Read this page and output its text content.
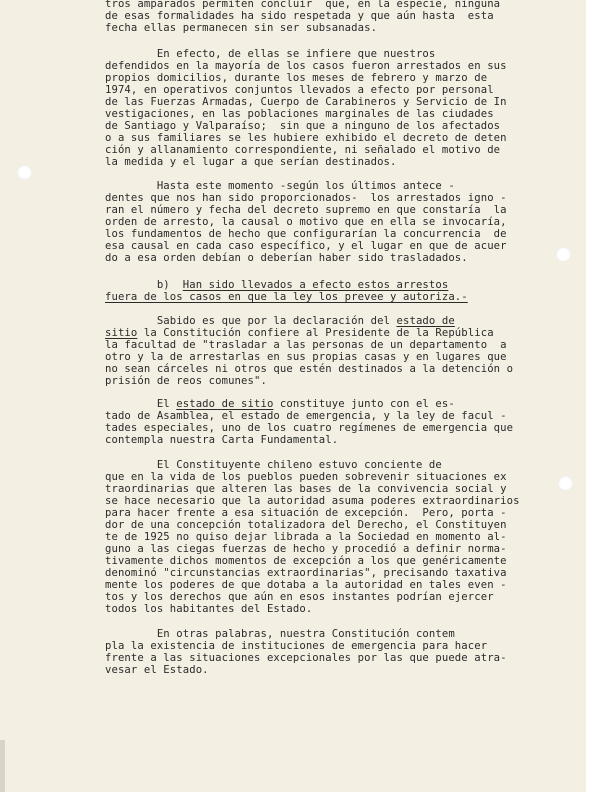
tros amparados permiten concluir  que, en la especie, ninguna
de esas formalidades ha sido respetada y que aún hasta  esta
fecha ellas permanecen sin ser subsanadas.
En efecto, de ellas se infiere que nuestros
defendidos en la mayoría de los casos fueron arrestados en sus
propios domicilios, durante los meses de febrero y marzo de
1974, en operativos conjuntos llevados a efecto por personal
de las Fuerzas Armadas, Cuerpo de Carabineros y Servicio de In
vestigaciones, en las poblaciones marginales de las ciudades
de Santiago y Valparaíso;  sin que a ninguno de los afectados
o a sus familiares se les hubiere exhibido el decreto de deten
ción y allanamiento correspondiente, ni señalado el motivo de
la medida y el lugar a que serían destinados.
Hasta este momento -según los últimos antece -
dentes que nos han sido proporcionados-  los arrestados igno -
ran el número y fecha del decreto supremo en que constaría  la
orden de arresto, la causal o motivo que en ella se invocaría,
los fundamentos de hecho que configurarían la concurrencia  de
esa causal en cada caso específico, y el lugar en que de acuer
do a esa orden debían o deberían haber sido trasladados.
b)  Han sido llevados a efecto estos arrestos
fuera de los casos en que la ley los prevee y autoriza.-
Sabido es que por la declaración del estado de
sitio la Constitución confiere al Presidente de la República
la facultad de "trasladar a las personas de un departamento  a
otro y la de arrestarlas en sus propias casas y en lugares que
no sean cárceles ni otros que estén destinados a la detención o
prisión de reos comunes".
El estado de sitio constituye junto con el es-
tado de Asamblea, el estado de emergencia, y la ley de facul -
tades especiales, uno de los cuatro regímenes de emergencia que
contempla nuestra Carta Fundamental.
El Constituyente chileno estuvo conciente de
que en la vida de los pueblos pueden sobrevenir situaciones ex
traordinarias que alteren las bases de la convivencia social y
se hace necesario que la autoridad asuma poderes extraordinarios
para hacer frente a esa situación de excepción.  Pero, porta -
dor de una concepción totalizadora del Derecho, el Constituyen
te de 1925 no quiso dejar librada a la Sociedad en momento al-
guno a las ciegas fuerzas de hecho y procedió a definir norma-
tivamente dichos momentos de excepción a los que genéricamente
denominó "circunstancias extraordinarias", precisando taxativa
mente los poderes de que dotaba a la autoridad en tales even -
tos y los derechos que aún en esos instantes podrían ejercer
todos los habitantes del Estado.
En otras palabras, nuestra Constitución contem
pla la existencia de instituciones de emergencia para hacer
frente a las situaciones excepcionales por las que puede atra-
vesar el Estado.
